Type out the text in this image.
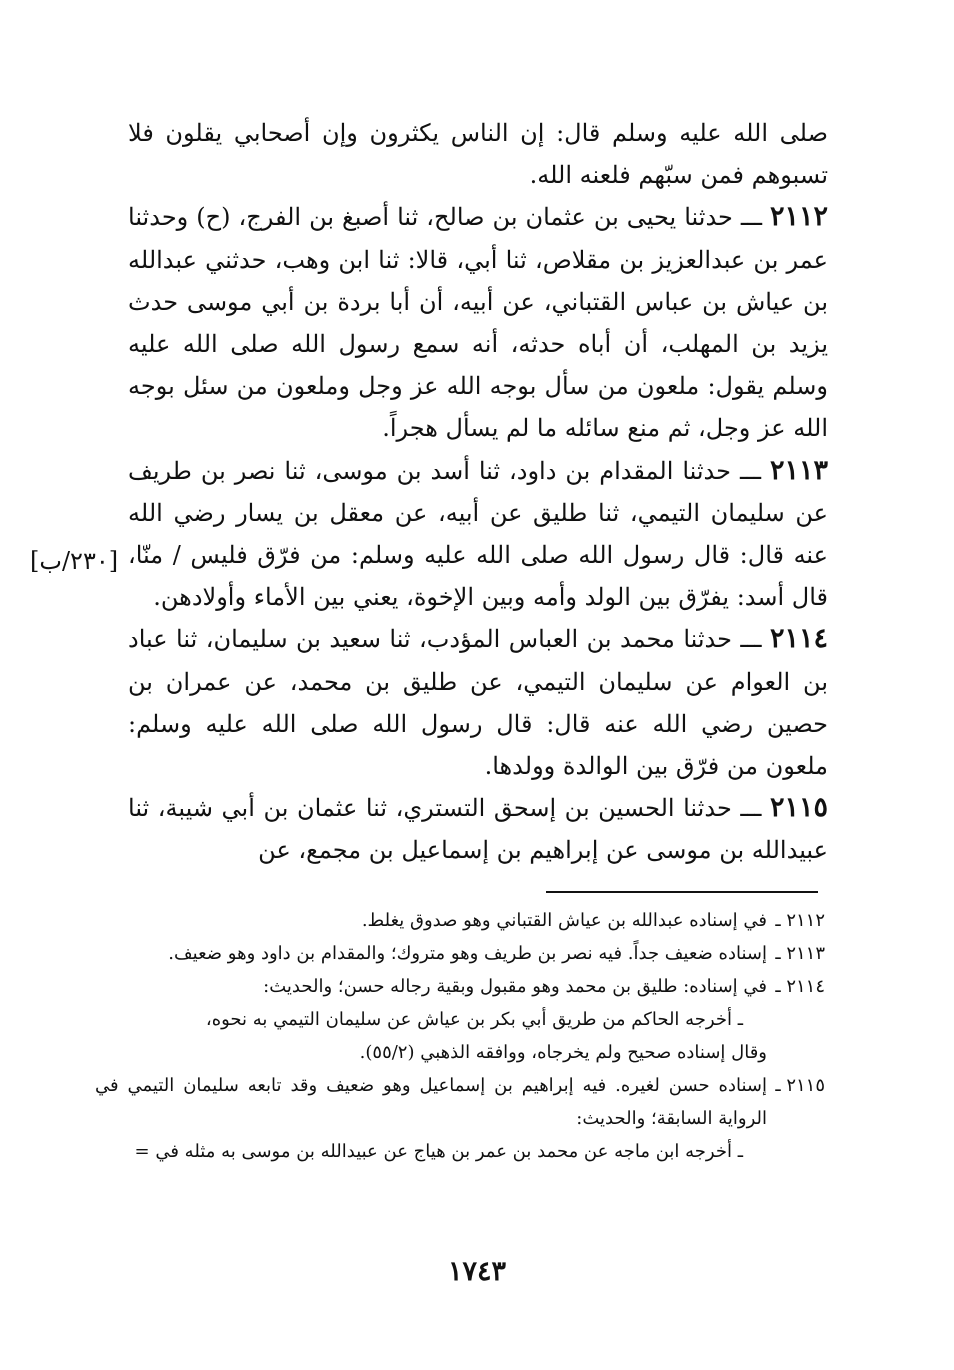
صلى الله عليه وسلم قال: إن الناس يكثرون وإن أصحابي يقلون فلا تسبوهم فمن سبّهم فلعنه الله.

٢١١٢ ـــ حدثنا يحيى بن عثمان بن صالح، ثنا أصبغ بن الفرج، (ح) وحدثنا عمر بن عبدالعزيز بن مقلاص، ثنا أبي، قالا: ثنا ابن وهب، حدثني عبدالله بن عياش بن عباس القتباني، عن أبيه، أن أبا بردة بن أبي موسى حدث يزيد بن المهلب، أن أباه حدثه، أنه سمع رسول الله صلى الله عليه وسلم يقول: ملعون من سأل بوجه الله عز وجل وملعون من سئل بوجه الله عز وجل، ثم منع سائله ما لم يسأل هجراً.

٢١١٣ ـــ حدثنا المقدام بن داود، ثنا أسد بن موسى، ثنا نصر بن طريف عن سليمان التيمي، ثنا طليق عن أبيه، عن معقل بن يسار رضي الله عنه قال: قال رسول الله صلى الله عليه وسلم: من فرّق فليس / منّا، قال أسد: يفرّق بين الولد وأمه وبين الإخوة، يعني بين الأماء وأولادهن.

٢١١٤ ـــ حدثنا محمد بن العباس المؤدب، ثنا سعيد بن سليمان، ثنا عباد بن العوام عن سليمان التيمي، عن طليق بن محمد، عن عمران بن حصين رضي الله عنه قال: قال رسول الله صلى الله عليه وسلم: ملعون من فرّق بين الوالدة وولدها.

٢١١٥ ـــ حدثنا الحسين بن إسحق التستري، ثنا عثمان بن أبي شيبة، ثنا عبيدالله بن موسى عن إبراهيم بن إسماعيل بن مجمع، عن

[٢٣٠/ب]
٢١١٢ ـ
في إسناده عبدالله بن عياش القتباني وهو صدوق يغلط.
٢١١٣ ـ
إسناده ضعيف جداً. فيه نصر بن طريف وهو متروك؛ والمقدام بن داود وهو ضعيف.
٢١١٤ ـ
في إسناده: طليق بن محمد وهو مقبول وبقية رجاله حسن؛ والحديث:
ـ أخرجه الحاكم من طريق أبي بكر بن عياش عن سليمان التيمي به نحوه،
وقال إسناده صحيح ولم يخرجاه، ووافقه الذهبي (٥٥/٢).
٢١١٥ ـ
إسناده حسن لغيره. فيه إبراهيم بن إسماعيل وهو ضعيف وقد تابعه سليمان التيمي في الرواية السابقة؛ والحديث:
ـ أخرجه ابن ماجه عن محمد بن عمر بن هياج عن عبيدالله بن موسى به مثله في =
١٧٤٣
